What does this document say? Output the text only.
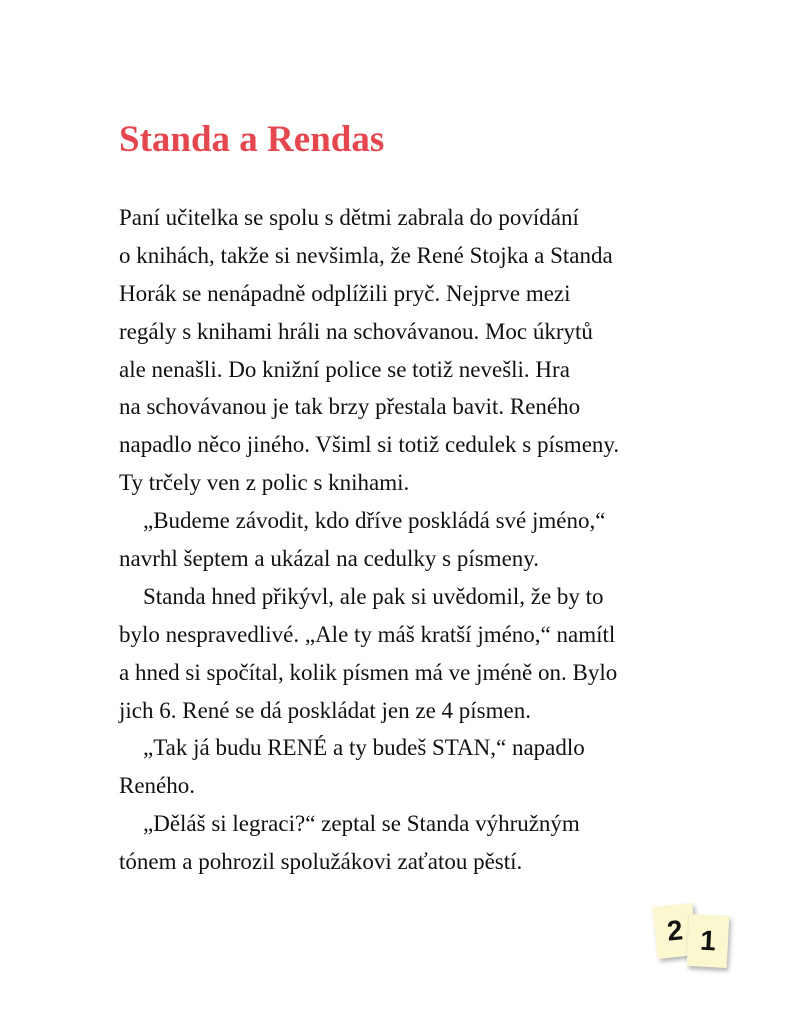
Standa a Rendas
Paní učitelka se spolu s dětmi zabrala do povídání
o knihách, takže si nevšimla, že René Stojka a Standa
Horák se nenápadně odplížili pryč. Nejprve mezi
regály s knihami hráli na schovávanou. Moc úkrytů
ale nenašli. Do knižní police se totiž nevešli. Hra
na schovávanou je tak brzy přestala bavit. Reného
napadlo něco jiného. Všiml si totiž cedulek s písmeny.
Ty trčely ven z polic s knihami.
„Budeme závodit, kdo dříve poskládá své jméno,“
navrhl šeptem a ukázal na cedulky s písmeny.
Standa hned přikývl, ale pak si uvědomil, že by to
bylo nespravedlivé. „Ale ty máš kratší jméno,“ namítl
a hned si spočítal, kolik písmen má ve jméně on. Bylo
jich 6. René se dá poskládat jen ze 4 písmen.
„Tak já budu RENÉ a ty budeš STAN,“ napadlo
Reného.
„Děláš si legraci?“ zeptal se Standa výhružným
tónem a pohrozil spolužákovi zaťatou pěstí.
2 1
